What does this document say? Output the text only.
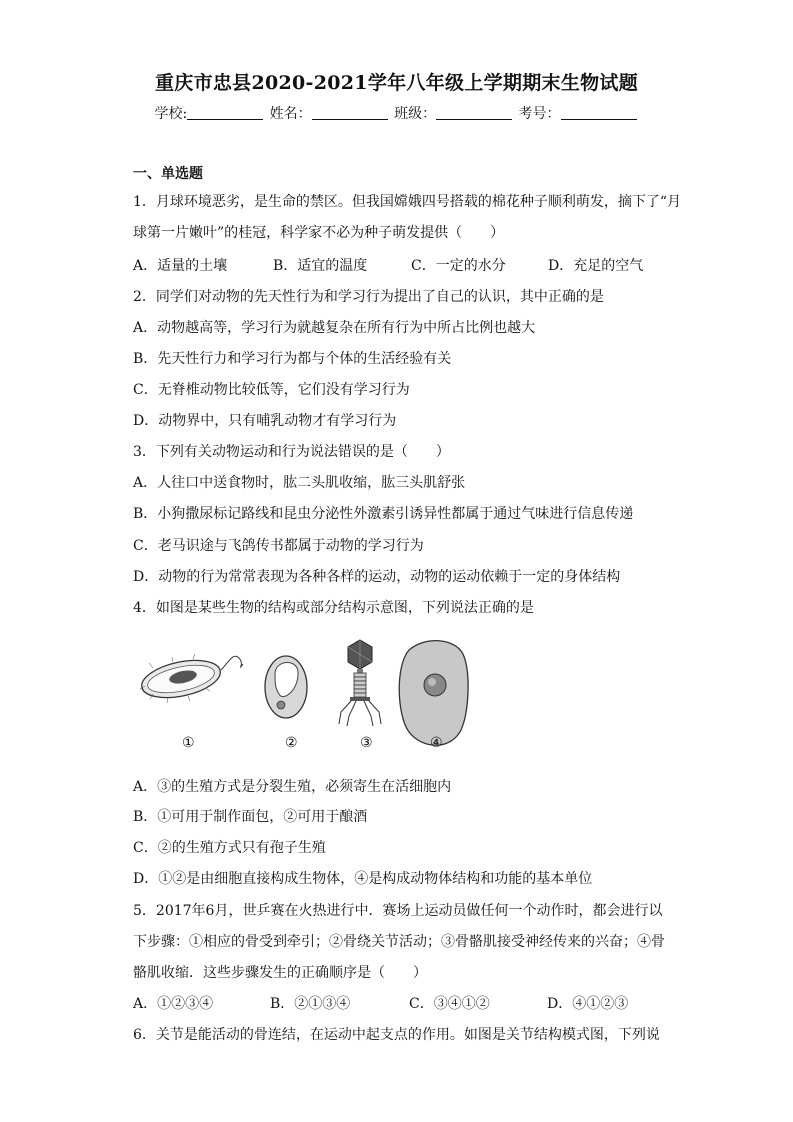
重庆市忠县2020-2021学年八年级上学期期末生物试题
学校:	姓名：	班级：	考号：
一、单选题
1．月球环境恶劣，是生命的禁区。但我国嫦娥四号搭载的棉花种子顺利萌发，摘下了“月
球第一片嫩叶”的桂冠，科学家不必为种子萌发提供（　　）
A．适量的土壤	B．适宜的温度	C．一定的水分	D．充足的空气
2．同学们对动物的先天性行为和学习行为提出了自己的认识，其中正确的是
A．动物越高等，学习行为就越复杂在所有行为中所占比例也越大
B．先天性行力和学习行为都与个体的生活经验有关
C．无脊椎动物比较低等，它们没有学习行为
D．动物界中，只有哺乳动物才有学习行为
3．下列有关动物运动和行为说法错误的是（　　）
A．人往口中送食物时，肱二头肌收缩，肱三头肌舒张
B．小狗撒尿标记路线和昆虫分泌性外激素引诱异性都属于通过气味进行信息传递
C．老马识途与飞鸽传书都属于动物的学习行为
D．动物的行为常常表现为各种各样的运动，动物的运动依赖于一定的身体结构
4．如图是某些生物的结构或部分结构示意图，下列说法正确的是
①	②	③	④
A．③的生殖方式是分裂生殖，必须寄生在活细胞内
B．①可用于制作面包，②可用于酿酒
C．②的生殖方式只有孢子生殖
D．①②是由细胞直接构成生物体，④是构成动物体结构和功能的基本单位
5．2017年6月，世乒赛在火热进行中．赛场上运动员做任何一个动作时，都会进行以
下步骤：①相应的骨受到牵引；②骨绕关节活动；③骨骼肌接受神经传来的兴奋；④骨
骼肌收缩．这些步骤发生的正确顺序是（　　）
A．①②③④	B．②①③④	C．③④①②	D．④①②③
6．关节是能活动的骨连结，在运动中起支点的作用。如图是关节结构模式图，下列说
